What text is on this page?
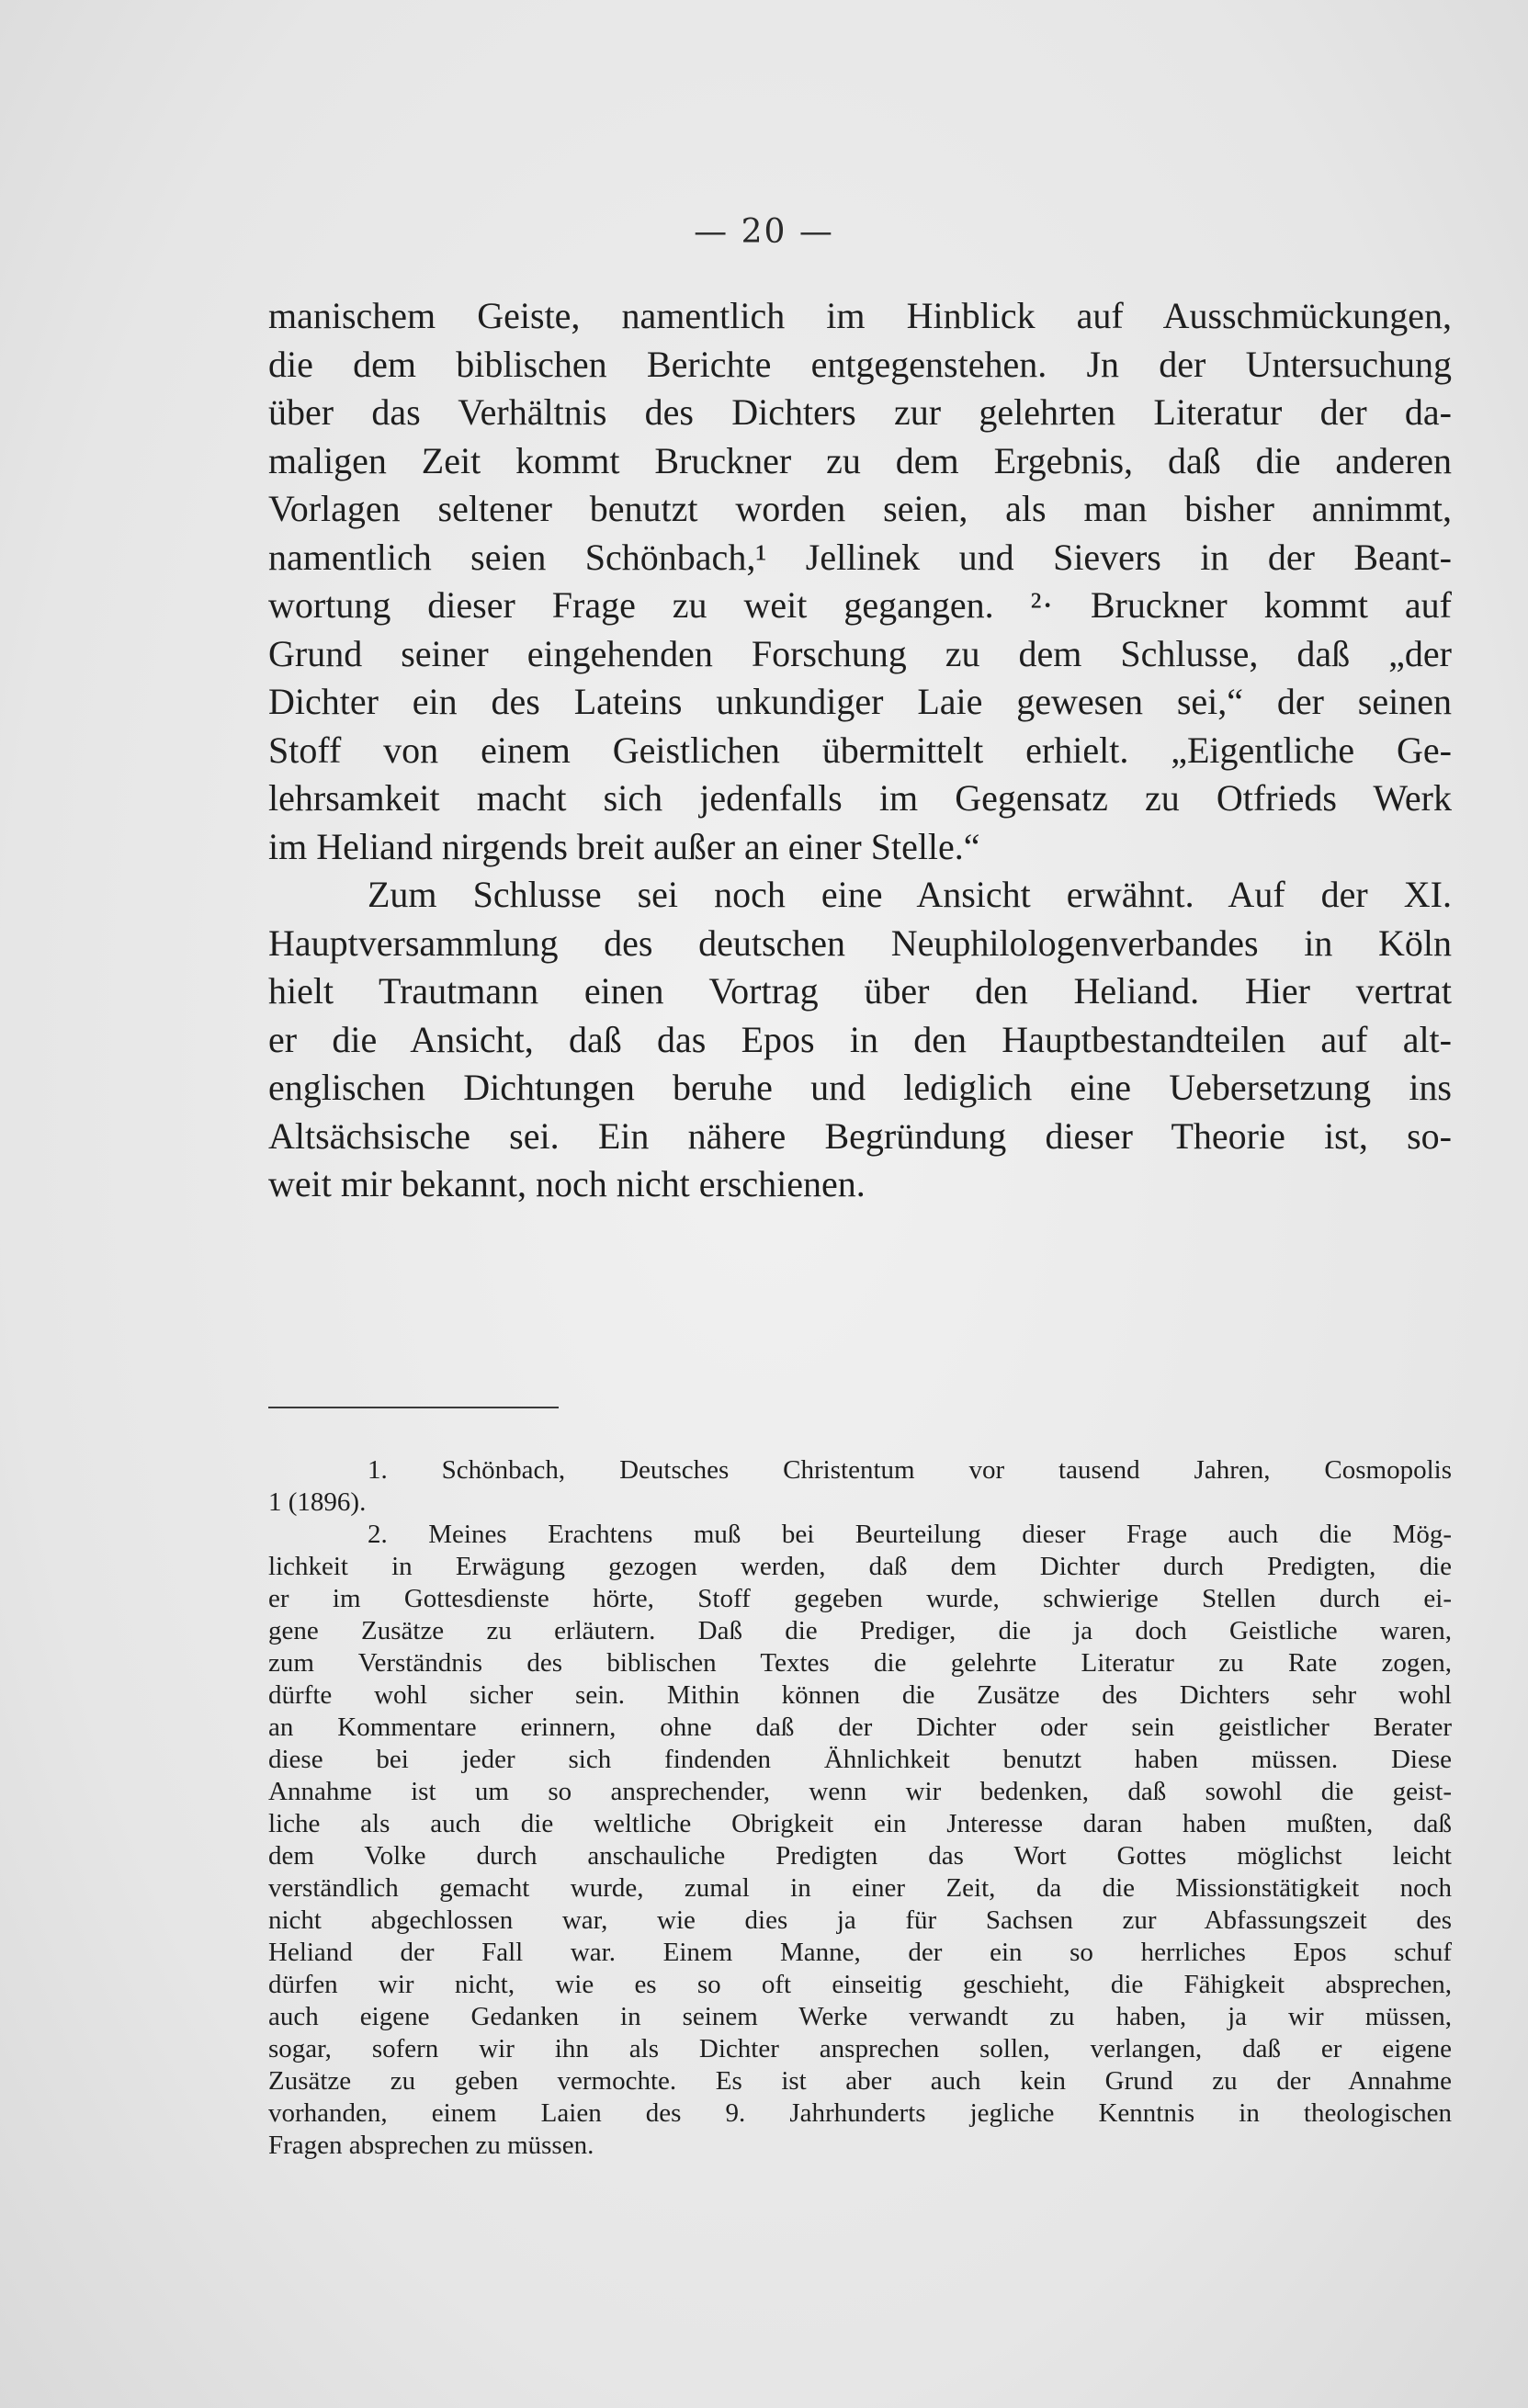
— 20 —
manischem Geiste, namentlich im Hinblick auf Ausschmückungen,
die dem biblischen Berichte entgegenstehen. Jn der Untersuchung
über das Verhältnis des Dichters zur gelehrten Literatur der da-
maligen Zeit kommt Bruckner zu dem Ergebnis, daß die anderen
Vorlagen seltener benutzt worden seien, als man bisher annimmt,
namentlich seien Schönbach,¹ Jellinek und Sievers in der Beant-
wortung dieser Frage zu weit gegangen. ²· Bruckner kommt auf
Grund seiner eingehenden Forschung zu dem Schlusse, daß „der
Dichter ein des Lateins unkundiger Laie gewesen sei,“ der seinen
Stoff von einem Geistlichen übermittelt erhielt. „Eigentliche Ge-
lehrsamkeit macht sich jedenfalls im Gegensatz zu Otfrieds Werk
im Heliand nirgends breit außer an einer Stelle.“
Zum Schlusse sei noch eine Ansicht erwähnt. Auf der XI.
Hauptversammlung des deutschen Neuphilologenverbandes in Köln
hielt Trautmann einen Vortrag über den Heliand. Hier vertrat
er die Ansicht, daß das Epos in den Hauptbestandteilen auf alt-
englischen Dichtungen beruhe und lediglich eine Uebersetzung ins
Altsächsische sei. Ein nähere Begründung dieser Theorie ist, so-
weit mir bekannt, noch nicht erschienen.
1. Schönbach, Deutsches Christentum vor tausend Jahren, Cosmopolis
1 (1896).
2. Meines Erachtens muß bei Beurteilung dieser Frage auch die Mög-
lichkeit in Erwägung gezogen werden, daß dem Dichter durch Predigten, die
er im Gottesdienste hörte, Stoff gegeben wurde, schwierige Stellen durch ei-
gene Zusätze zu erläutern. Daß die Prediger, die ja doch Geistliche waren,
zum Verständnis des biblischen Textes die gelehrte Literatur zu Rate zogen,
dürfte wohl sicher sein. Mithin können die Zusätze des Dichters sehr wohl
an Kommentare erinnern, ohne daß der Dichter oder sein geistlicher Berater
diese bei jeder sich findenden Ähnlichkeit benutzt haben müssen. Diese
Annahme ist um so ansprechender, wenn wir bedenken, daß sowohl die geist-
liche als auch die weltliche Obrigkeit ein Jnteresse daran haben mußten, daß
dem Volke durch anschauliche Predigten das Wort Gottes möglichst leicht
verständlich gemacht wurde, zumal in einer Zeit, da die Missionstätigkeit noch
nicht abgechlossen war, wie dies ja für Sachsen zur Abfassungszeit des
Heliand der Fall war. Einem Manne, der ein so herrliches Epos schuf
dürfen wir nicht, wie es so oft einseitig geschieht, die Fähigkeit absprechen,
auch eigene Gedanken in seinem Werke verwandt zu haben, ja wir müssen,
sogar, sofern wir ihn als Dichter ansprechen sollen, verlangen, daß er eigene
Zusätze zu geben vermochte. Es ist aber auch kein Grund zu der Annahme
vorhanden, einem Laien des 9. Jahrhunderts jegliche Kenntnis in theologischen
Fragen absprechen zu müssen.
